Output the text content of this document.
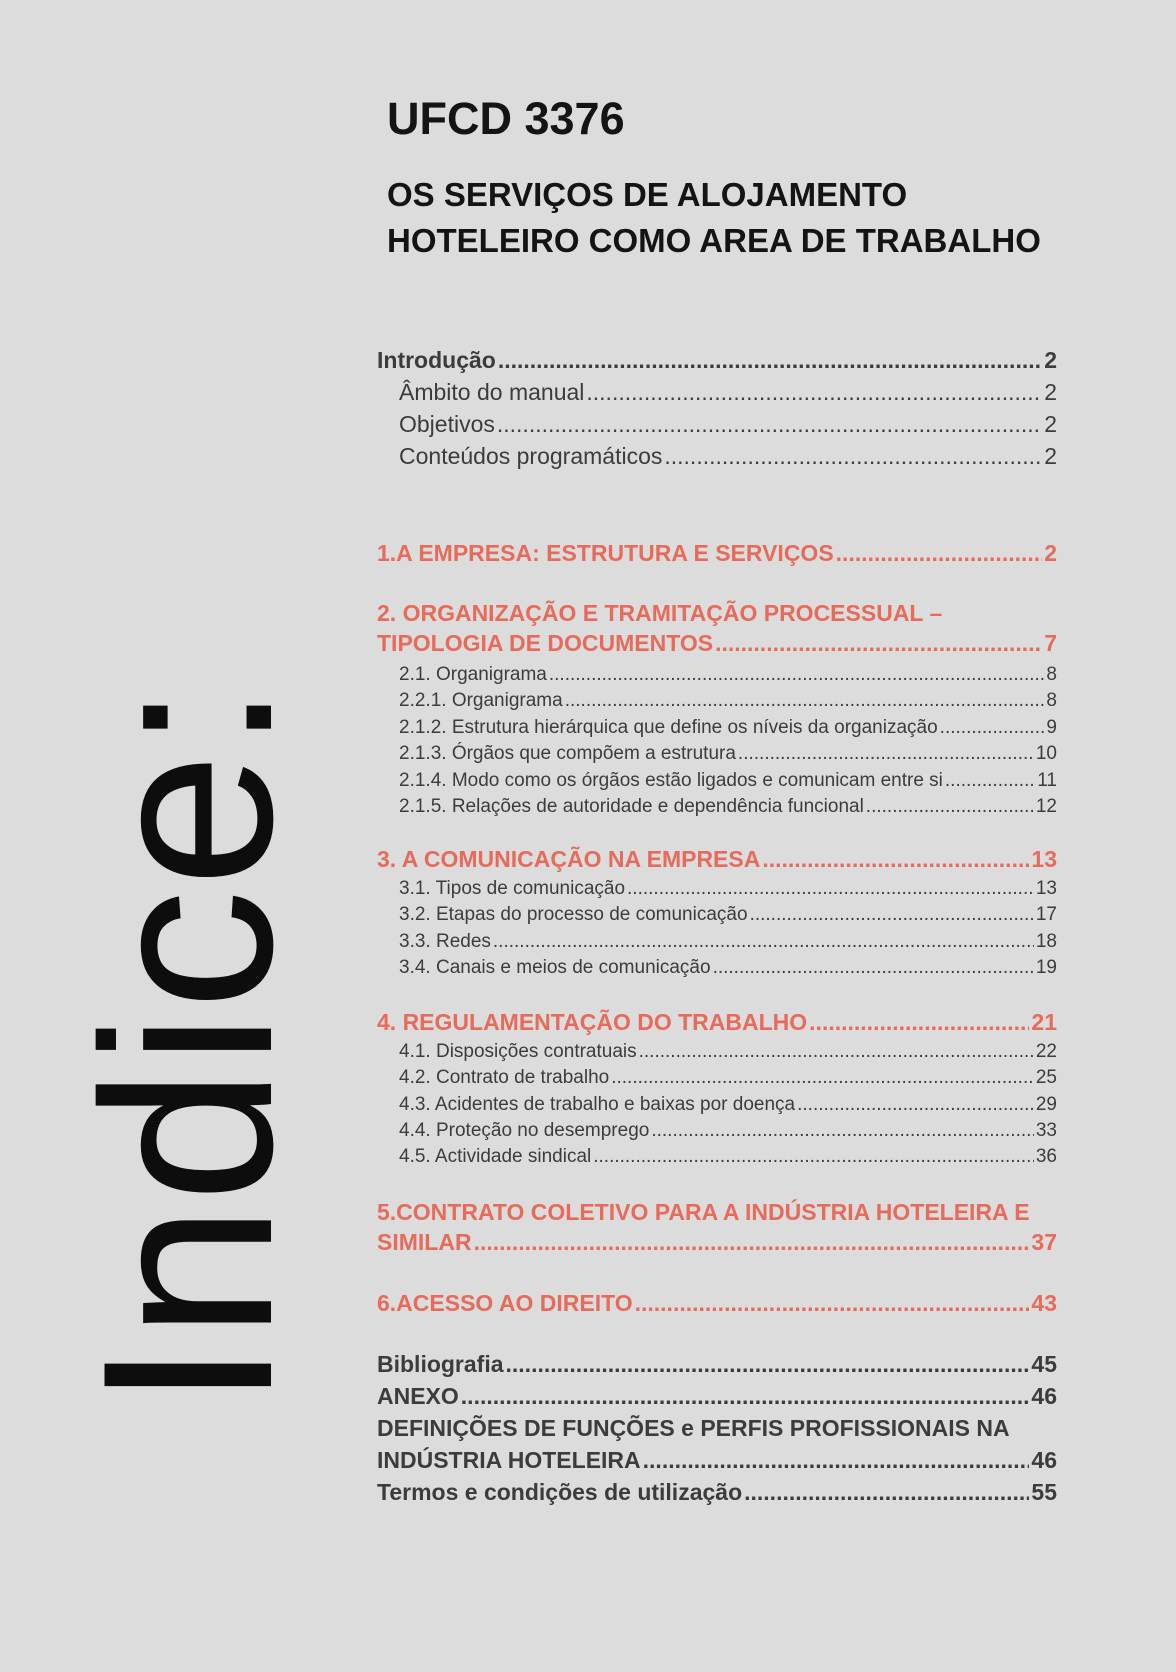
Indice:
UFCD 3376
OS SERVIÇOS DE ALOJAMENTO
HOTELEIRO COMO AREA DE TRABALHO
Introdução .....	2
Âmbito do manual .....	2
Objetivos .....	2
Conteúdos programáticos .....	2
1.A EMPRESA: ESTRUTURA E SERVIÇOS .....	2
2. ORGANIZAÇÃO E TRAMITAÇÃO PROCESSUAL –
TIPOLOGIA DE DOCUMENTOS .....	7
2.1. Organigrama .....	8
2.2.1. Organigrama .....	8
2.1.2. Estrutura hierárquica que define os níveis da organização .....	9
2.1.3. Órgãos que compõem a estrutura .....	10
2.1.4. Modo como os órgãos estão ligados e comunicam entre si .....	11
2.1.5. Relações de autoridade e dependência funcional .....	12
3. A COMUNICAÇÃO NA EMPRESA .....	13
3.1. Tipos de comunicação .....	13
3.2. Etapas do processo de comunicação .....	17
3.3. Redes .....	18
3.4. Canais e meios de comunicação .....	19
4. REGULAMENTAÇÃO DO TRABALHO .....	21
4.1. Disposições contratuais .....	22
4.2. Contrato de trabalho .....	25
4.3. Acidentes de trabalho e baixas por doença .....	29
4.4. Proteção no desemprego .....	33
4.5. Actividade sindical .....	36
5.CONTRATO COLETIVO PARA A INDÚSTRIA HOTELEIRA E
SIMILAR .....	37
6.ACESSO AO DIREITO .....	43
Bibliografia .....	45
ANEXO .....	46
DEFINIÇÕES DE FUNÇÕES e PERFIS PROFISSIONAIS NA
INDÚSTRIA HOTELEIRA .....	46
Termos e condições de utilização .....	55
